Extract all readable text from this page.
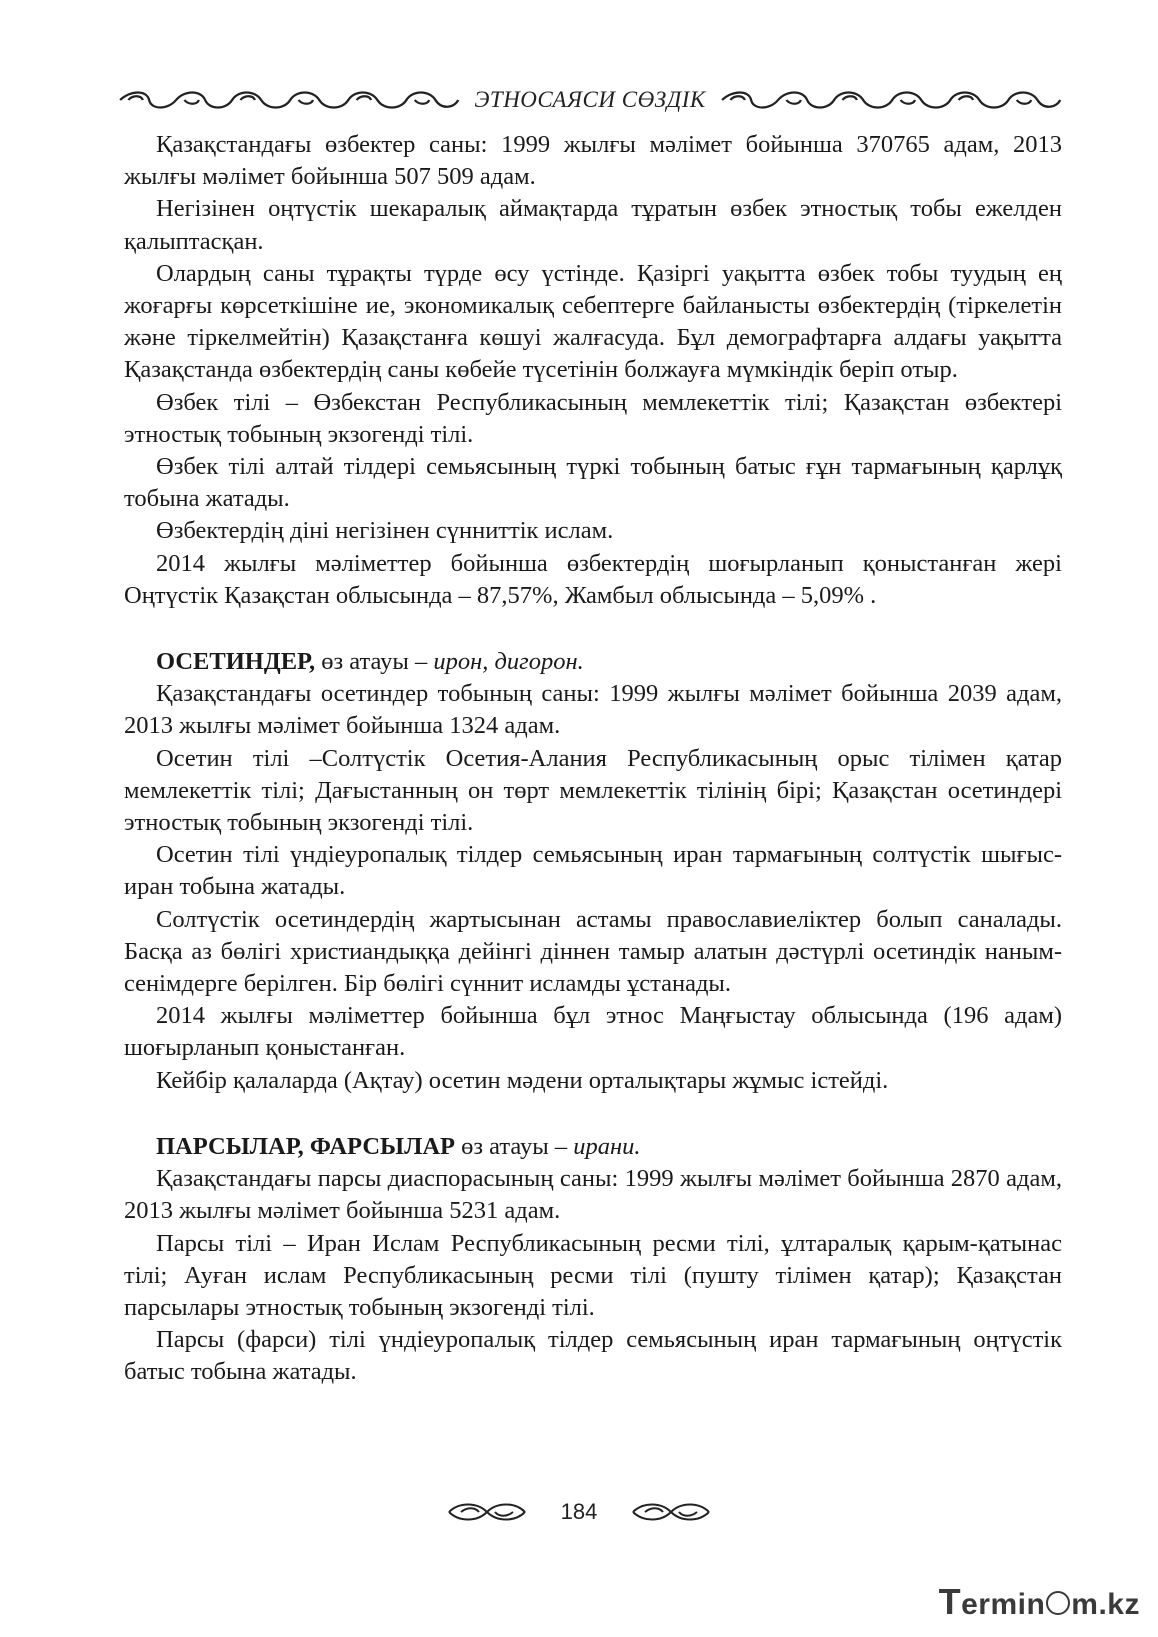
ЭТНОСАЯСИ СӨЗДІК

Қазақстандағы өзбектер саны: 1999 жылғы мәлімет бойынша 370765 адам, 2013 жылғы мәлімет бойынша 507 509 адам.

Негізінен оңтүстік шекаралық аймақтарда тұратын өзбек этностық тобы ежелден қалыптасқан.

Олардың саны тұрақты түрде өсу үстінде. Қазіргі уақытта өзбек тобы туудың ең жоғарғы көрсеткішіне ие, экономикалық себептерге байланысты өзбектердің (тіркелетін және тіркелмейтін) Қазақстанға көшуі жалғасуда. Бұл демографтарға алдағы уақытта Қазақстанда өзбектердің саны көбейе түсетінін болжауға мүмкіндік беріп отыр.

Өзбек тілі – Өзбекстан Республикасының мемлекеттік тілі; Қазақстан өзбектері этностық тобының экзогенді тілі.

Өзбек тілі алтай тілдері семьясының түркі тобының батыс ғұн тармағының қарлұқ тобына жатады.

Өзбектердің діні негізінен сүнниттік ислам.

2014 жылғы мәліметтер бойынша өзбектердің шоғырланып қоныстанған жері Оңтүстік Қазақстан облысында – 87,57%, Жамбыл облысында – 5,09% .

ОСЕТИНДЕР, өз атауы – ирон, дигорон.

Қазақстандағы осетиндер тобының саны: 1999 жылғы мәлімет бойынша 2039 адам, 2013 жылғы мәлімет бойынша 1324 адам.

Осетин тілі –Солтүстік Осетия-Алания Республикасының орыс тілімен қатар мемлекеттік тілі; Дағыстанның он төрт мемлекеттік тілінің бірі; Қазақстан осетиндері этностық тобының экзогенді тілі.

Осетин тілі үндіеуропалық тілдер семьясының иран тармағының солтүстік шығыс-иран тобына жатады.

Солтүстік осетиндердің жартысынан астамы православиеліктер болып саналады. Басқа аз бөлігі христиандыққа дейінгі діннен тамыр алатын дәстүрлі осетиндік наным-сенімдерге берілген. Бір бөлігі сүннит исламды ұстанады.

2014 жылғы мәліметтер бойынша бұл этнос Маңғыстау облысында (196 адам) шоғырланып қоныстанған.

Кейбір қалаларда (Ақтау) осетин мәдени орталықтары жұмыс істейді.

ПАРСЫЛАР, ФАРСЫЛАР өз атауы – ирани.

Қазақстандағы парсы диаспорасының саны: 1999 жылғы мәлімет бойынша 2870 адам, 2013 жылғы мәлімет бойынша 5231 адам.

Парсы тілі – Иран Ислам Республикасының ресми тілі, ұлтаралық қарым-қатынас тілі; Ауған ислам Республикасының ресми тілі (пушту тілімен қатар); Қазақстан парсылары этностық тобының экзогенді тілі.

Парсы (фарси) тілі үндіеуропалық тілдер семьясының иран тармағының оңтүстік батыс тобына жатады.

184
Termin m.kz
